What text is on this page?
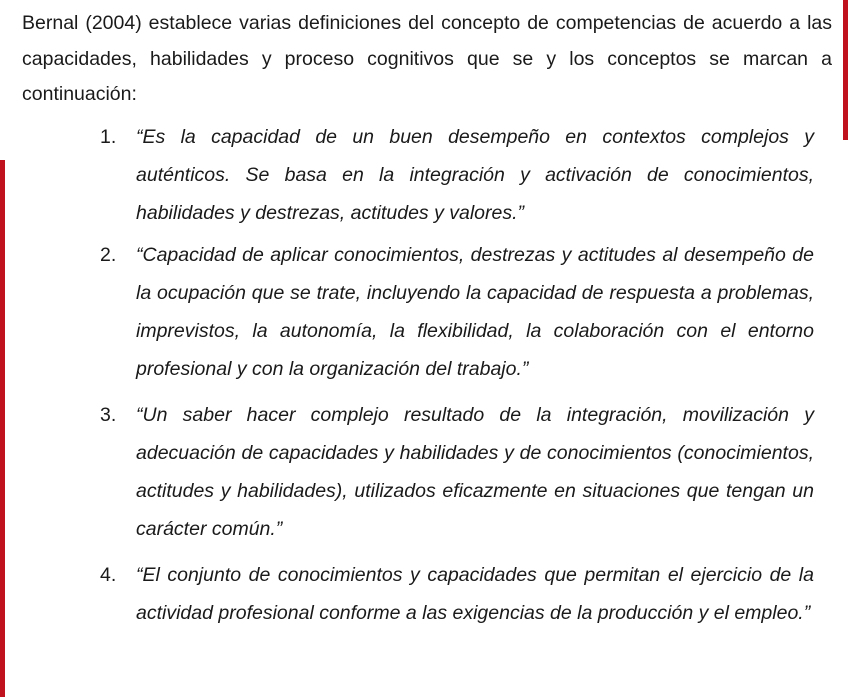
Bernal (2004) establece varias definiciones del concepto de competencias de acuerdo a las capacidades, habilidades y proceso cognitivos que se y los conceptos se marcan a continuación:

1. “Es la capacidad de un buen desempeño en contextos complejos y auténticos. Se basa en la integración y activación de conocimientos, habilidades y destrezas, actitudes y valores.”
2. “Capacidad de aplicar conocimientos, destrezas y actitudes al desempeño de la ocupación que se trate, incluyendo la capacidad de respuesta a problemas, imprevistos, la autonomía, la flexibilidad, la colaboración con el entorno profesional y con la organización del trabajo.”
3. “Un saber hacer complejo resultado de la integración, movilización y adecuación de capacidades y habilidades y de conocimientos (conocimientos, actitudes y habilidades), utilizados eficazmente en situaciones que tengan un carácter común.”
4. “El conjunto de conocimientos y capacidades que permitan el ejercicio de la actividad profesional conforme a las exigencias de la producción y el empleo.”
